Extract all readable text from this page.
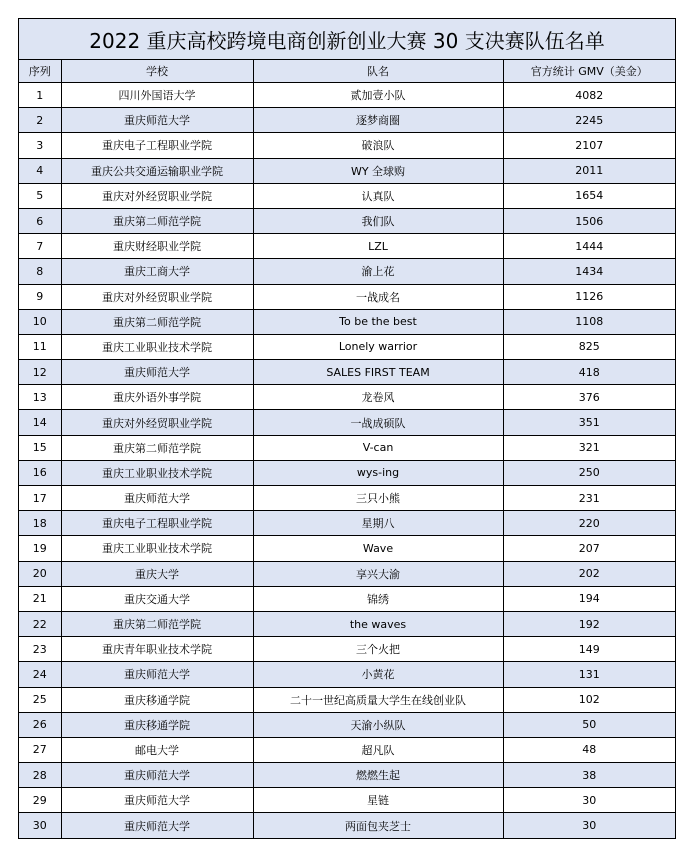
2022 重庆高校跨境电商创新创业大赛 30 支决赛队伍名单
序列	学校	队名	官方统计 GMV（美金）
1	四川外国语大学	贰加壹小队	4082
2	重庆师范大学	逐梦商圈	2245
3	重庆电子工程职业学院	破浪队	2107
4	重庆公共交通运输职业学院	WY 全球购	2011
5	重庆对外经贸职业学院	认真队	1654
6	重庆第二师范学院	我们队	1506
7	重庆财经职业学院	LZL	1444
8	重庆工商大学	渝上花	1434
9	重庆对外经贸职业学院	一战成名	1126
10	重庆第二师范学院	To be the best	1108
11	重庆工业职业技术学院	Lonely warrior	825
12	重庆师范大学	SALES FIRST TEAM	418
13	重庆外语外事学院	龙卷风	376
14	重庆对外经贸职业学院	一战成硕队	351
15	重庆第二师范学院	V-can	321
16	重庆工业职业技术学院	wys-ing	250
17	重庆师范大学	三只小熊	231
18	重庆电子工程职业学院	星期八	220
19	重庆工业职业技术学院	Wave	207
20	重庆大学	享兴大渝	202
21	重庆交通大学	锦绣	194
22	重庆第二师范学院	the waves	192
23	重庆青年职业技术学院	三个火把	149
24	重庆师范大学	小黄花	131
25	重庆移通学院	二十一世纪高质量大学生在线创业队	102
26	重庆移通学院	天渝小纵队	50
27	邮电大学	超凡队	48
28	重庆师范大学	燃燃生起	38
29	重庆师范大学	星链	30
30	重庆师范大学	两面包夹芝士	30
